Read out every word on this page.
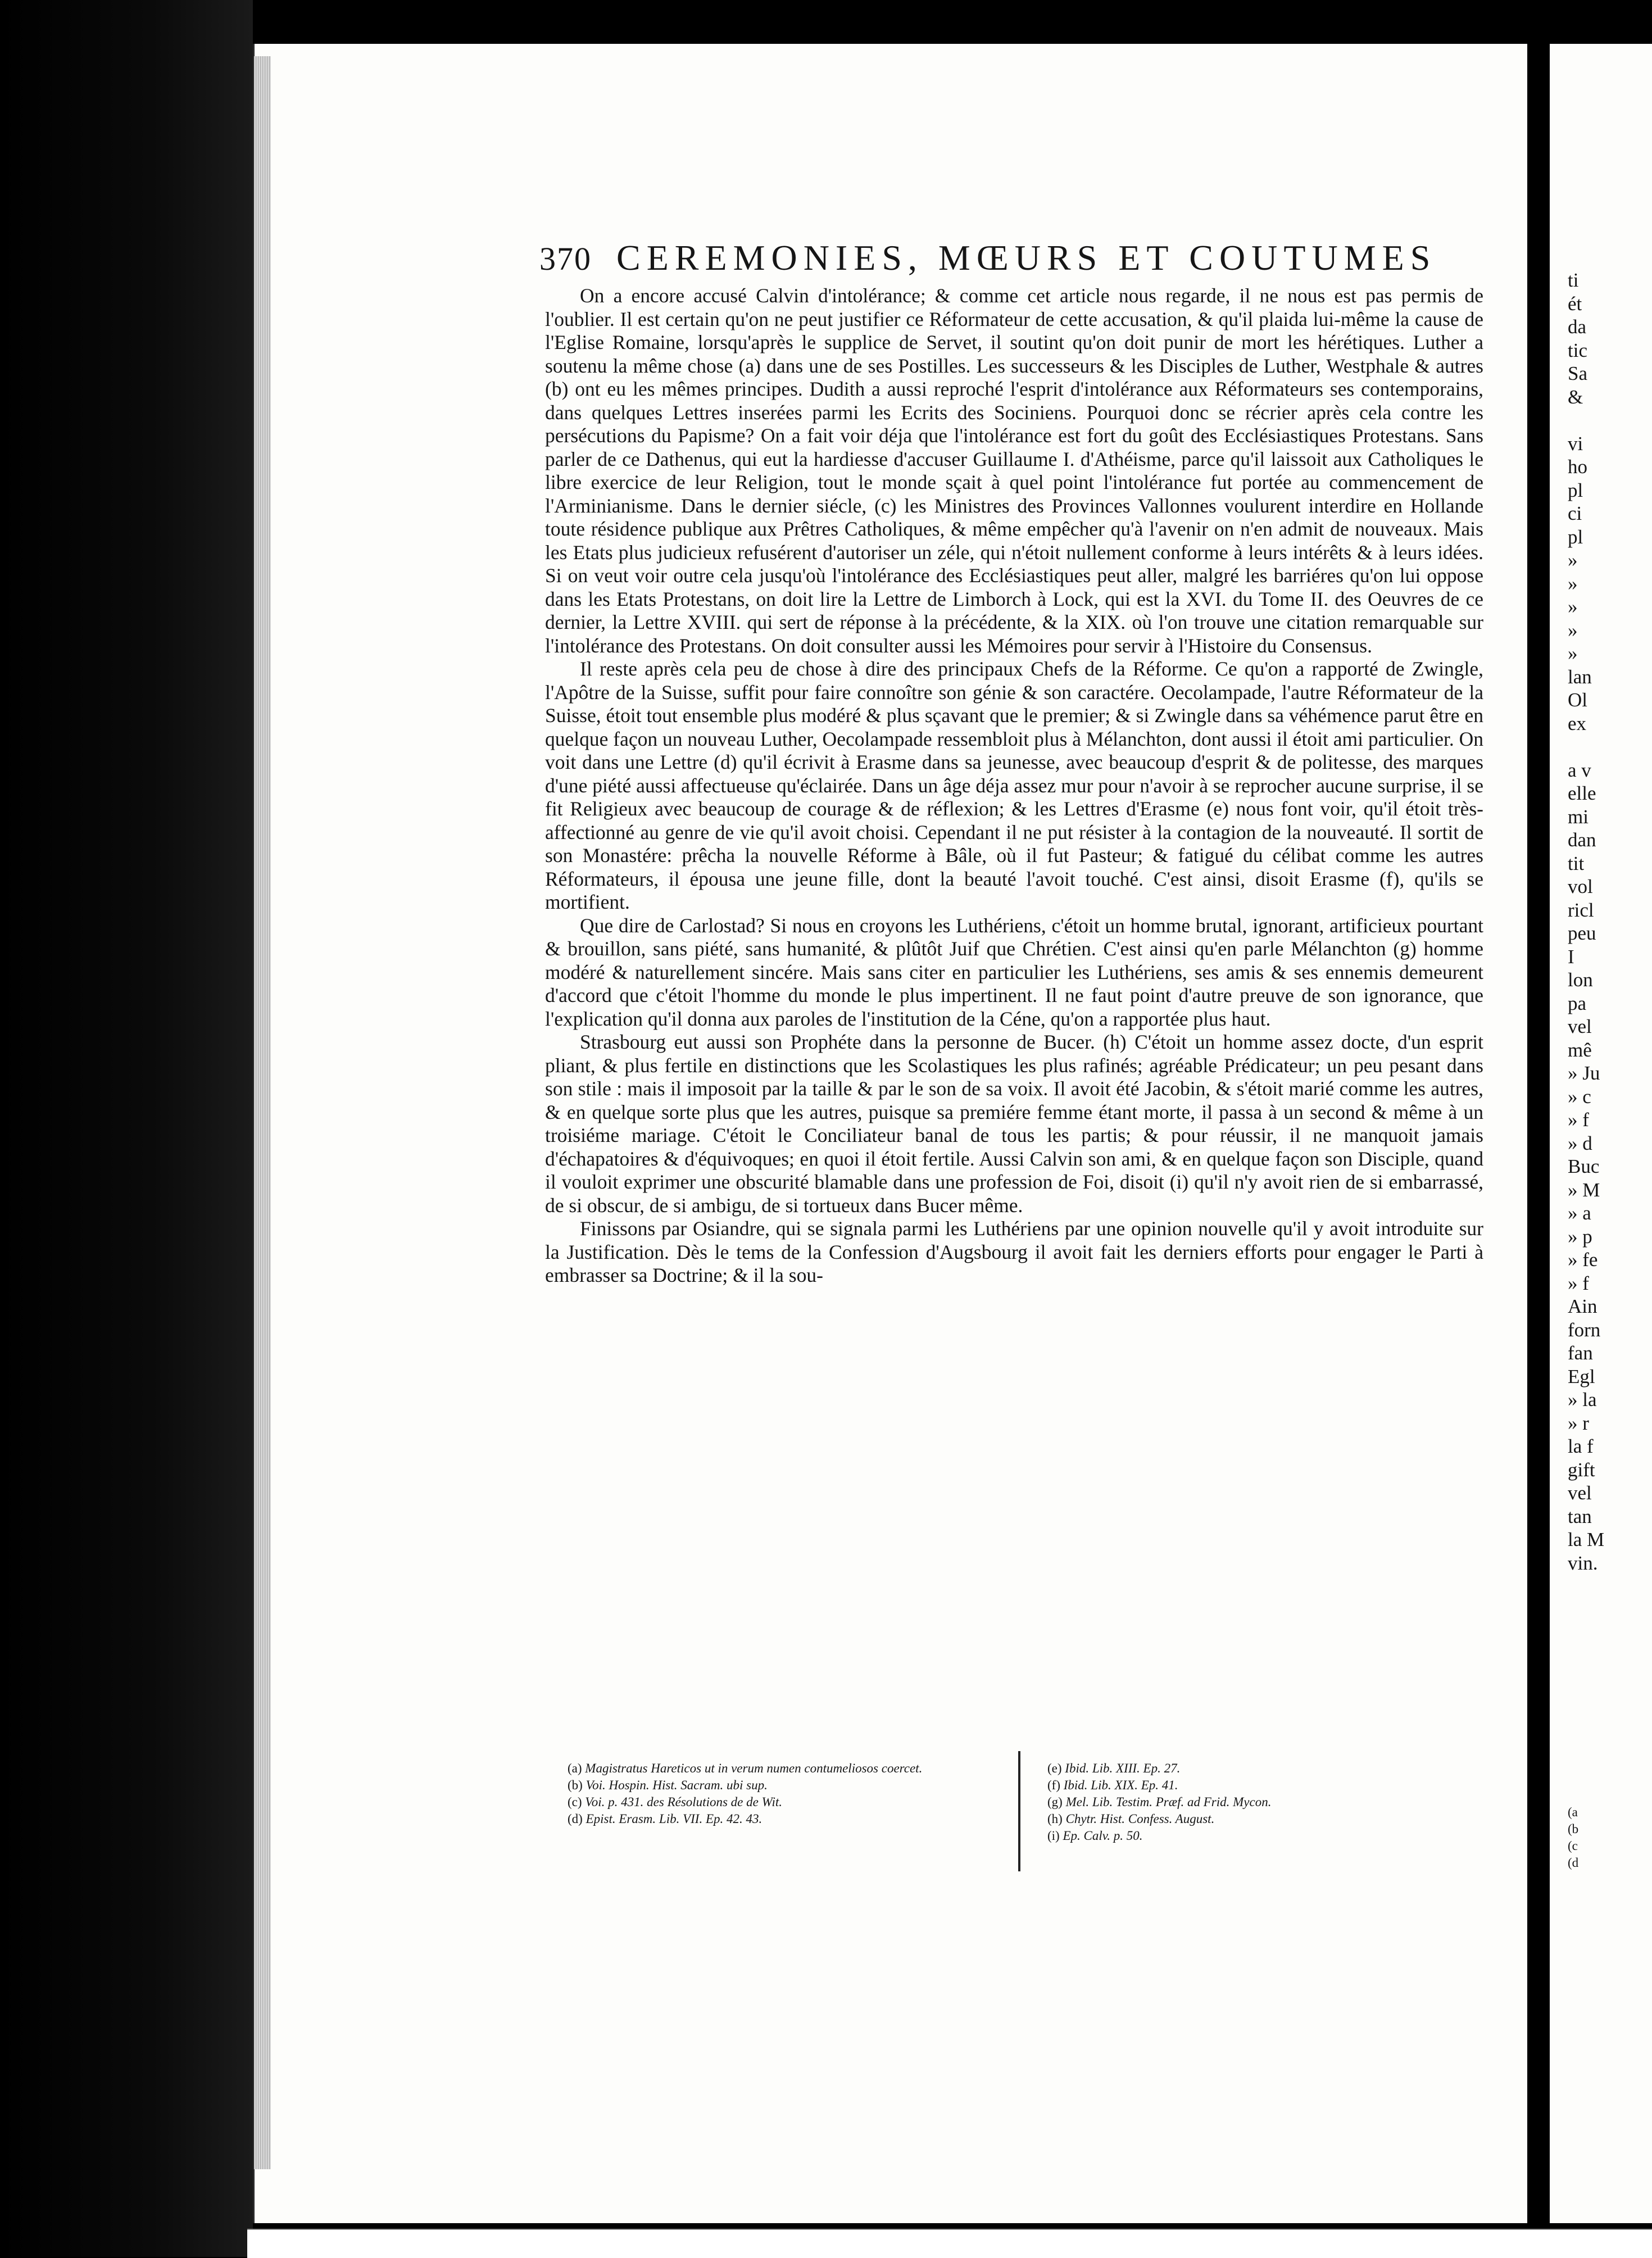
370 CEREMONIES, MŒURS ET COUTUMES

On a encore accusé Calvin d'intolérance; & comme cet article nous regarde, il ne nous est pas permis de l'oublier. Il est certain qu'on ne peut justifier ce Réformateur de cette accusation, & qu'il plaida lui-même la cause de l'Eglise Romaine, lorsqu'après le supplice de Servet, il soutint qu'on doit punir de mort les hérétiques. Luther a soutenu la même chose (a) dans une de ses Postilles. Les successeurs & les Disciples de Luther, Westphale & autres (b) ont eu les mêmes principes. Dudith a aussi reproché l'esprit d'intolérance aux Réformateurs ses contemporains, dans quelques Lettres inserées parmi les Ecrits des Sociniens. Pourquoi donc se récrier après cela contre les persécutions du Papisme? On a fait voir déja que l'intolérance est fort du goût des Ecclésiastiques Protestans. Sans parler de ce Dathenus, qui eut la hardiesse d'accuser Guillaume I. d'Athéisme, parce qu'il laissoit aux Catholiques le libre exercice de leur Religion, tout le monde sçait à quel point l'intolérance fut portée au commencement de l'Arminianisme. Dans le dernier siécle, (c) les Ministres des Provinces Vallonnes voulurent interdire en Hollande toute résidence publique aux Prêtres Catholiques, & même empêcher qu'à l'avenir on n'en admit de nouveaux. Mais les Etats plus judicieux refusérent d'autoriser un zéle, qui n'étoit nullement conforme à leurs intérêts & à leurs idées. Si on veut voir outre cela jusqu'où l'intolérance des Ecclésiastiques peut aller, malgré les barriéres qu'on lui oppose dans les Etats Protestans, on doit lire la Lettre de Limborch à Lock, qui est la XVI. du Tome II. des Oeuvres de ce dernier, la Lettre XVIII. qui sert de réponse à la précédente, & la XIX. où l'on trouve une citation remarquable sur l'intolérance des Protestans. On doit consulter aussi les Mémoires pour servir à l'Histoire du Consensus.

Il reste après cela peu de chose à dire des principaux Chefs de la Réforme. Ce qu'on a rapporté de Zwingle, l'Apôtre de la Suisse, suffit pour faire connoître son génie & son caractére. Oecolampade, l'autre Réformateur de la Suisse, étoit tout ensemble plus modéré & plus sçavant que le premier; & si Zwingle dans sa véhémence parut être en quelque façon un nouveau Luther, Oecolampade ressembloit plus à Mélanchton, dont aussi il étoit ami particulier. On voit dans une Lettre (d) qu'il écrivit à Erasme dans sa jeunesse, avec beaucoup d'esprit & de politesse, des marques d'une piété aussi affectueuse qu'éclairée. Dans un âge déja assez mur pour n'avoir à se reprocher aucune surprise, il se fit Religieux avec beaucoup de courage & de réflexion; & les Lettres d'Erasme (e) nous font voir, qu'il étoit très-affectionné au genre de vie qu'il avoit choisi. Cependant il ne put résister à la contagion de la nouveauté. Il sortit de son Monastére: prêcha la nouvelle Réforme à Bâle, où il fut Pasteur; & fatigué du célibat comme les autres Réformateurs, il épousa une jeune fille, dont la beauté l'avoit touché. C'est ainsi, disoit Erasme (f), qu'ils se mortifient.

Que dire de Carlostad? Si nous en croyons les Luthériens, c'étoit un homme brutal, ignorant, artificieux pourtant & brouillon, sans piété, sans humanité, & plûtôt Juif que Chrétien. C'est ainsi qu'en parle Mélanchton (g) homme modéré & naturellement sincére. Mais sans citer en particulier les Luthériens, ses amis & ses ennemis demeurent d'accord que c'étoit l'homme du monde le plus impertinent. Il ne faut point d'autre preuve de son ignorance, que l'explication qu'il donna aux paroles de l'institution de la Céne, qu'on a rapportée plus haut.

Strasbourg eut aussi son Prophéte dans la personne de Bucer. (h) C'étoit un homme assez docte, d'un esprit pliant, & plus fertile en distinctions que les Scolastiques les plus rafinés; agréable Prédicateur; un peu pesant dans son stile : mais il imposoit par la taille & par le son de sa voix. Il avoit été Jacobin, & s'étoit marié comme les autres, & en quelque sorte plus que les autres, puisque sa premiére femme étant morte, il passa à un second & même à un troisiéme mariage. C'étoit le Conciliateur banal de tous les partis; & pour réussir, il ne manquoit jamais d'échapatoires & d'équivoques; en quoi il étoit fertile. Aussi Calvin son ami, & en quelque façon son Disciple, quand il vouloit exprimer une obscurité blamable dans une profession de Foi, disoit (i) qu'il n'y avoit rien de si embarrassé, de si obscur, de si ambigu, de si tortueux dans Bucer même.

Finissons par Osiandre, qui se signala parmi les Luthériens par une opinion nouvelle qu'il y avoit introduite sur la Justification. Dès le tems de la Confession d'Augsbourg il avoit fait les derniers efforts pour engager le Parti à embrasser sa Doctrine; & il la sou-

(a) Magistratus Hareticos ut in verum numen contumeliosos coercet.

(b) Voi. Hospin. Hist. Sacram. ubi sup.

(c) Voi. p. 431. des Résolutions de de Wit.

(d) Epist. Erasm. Lib. VII. Ep. 42. 43.

(e) Ibid. Lib. XIII. Ep. 27.

(f) Ibid. Lib. XIX. Ep. 41.

(g) Mel. Lib. Testim. Præf. ad Frid. Mycon.

(h) Chytr. Hist. Confess. August.

(i) Ep. Calv. p. 50.

ti
ét
da
tic
Sa
&

vi
ho
pl
ci
pl
»
»
»
»
»
lan
Ol
ex

a v
elle
mi
dan
tit
vol
ricl
peu
I
lon
pa
vel
mê
» Ju
» c
» f
» d
Buc
» M
» a
» p
» fe
» f
Ain
forn
fan
Egl
» la
» r
la f
gift
vel
tan
la M
vin.
(a
(b
(c
(d
